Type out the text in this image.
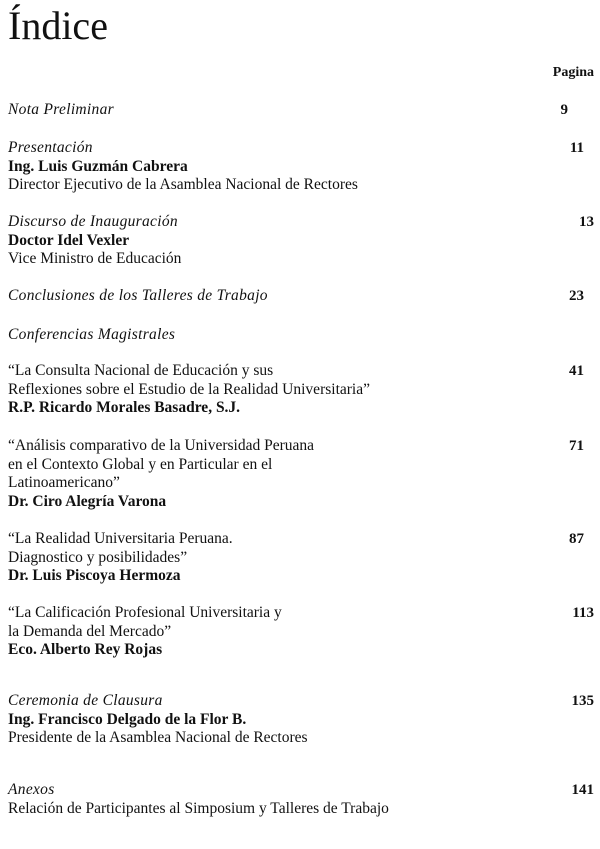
Índice
Pagina
Nota Preliminar	9
Presentación
Ing. Luis Guzmán Cabrera
Director Ejecutivo de la Asamblea Nacional de Rectores
11
Discurso de Inauguración
Doctor Idel Vexler
Vice Ministro de Educación
13
Conclusiones de los Talleres de Trabajo	23
Conferencias Magistrales
“La Consulta Nacional de Educación y sus
Reflexiones sobre el Estudio de la Realidad Universitaria”
R.P. Ricardo Morales Basadre, S.J.
41
“Análisis comparativo de la Universidad Peruana
en el Contexto Global y en Particular en el
Latinoamericano”
Dr. Ciro Alegría Varona
71
“La Realidad Universitaria Peruana.
Diagnostico y posibilidades”
Dr. Luis Piscoya Hermoza
87
“La Calificación Profesional Universitaria y
la Demanda del Mercado”
Eco. Alberto Rey Rojas
113
Ceremonia de Clausura
Ing. Francisco Delgado de la Flor B.
Presidente de la Asamblea Nacional de Rectores
135
Anexos
Relación de Participantes al Simposium y Talleres de Trabajo
141
